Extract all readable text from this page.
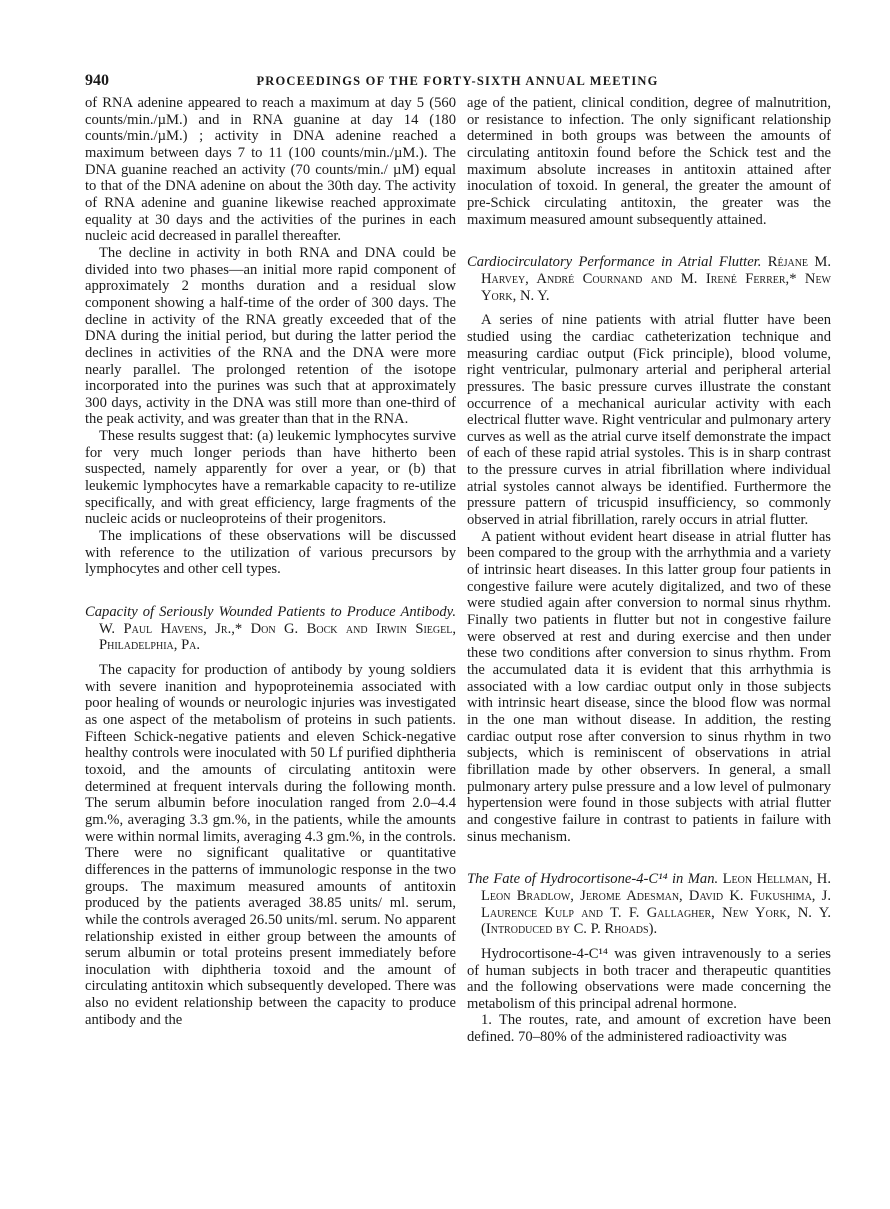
940	PROCEEDINGS OF THE FORTY-SIXTH ANNUAL MEETING

of RNA adenine appeared to reach a maximum at day 5 (560 counts/min./µM.) and in RNA guanine at day 14 (180 counts/min./µM.) ; activity in DNA adenine reached a maximum between days 7 to 11 (100 counts/min./µM.). The DNA guanine reached an activity (70 counts/min./ µM) equal to that of the DNA adenine on about the 30th day. The activity of RNA adenine and guanine likewise reached approximate equality at 30 days and the activities of the purines in each nucleic acid decreased in parallel thereafter.

The decline in activity in both RNA and DNA could be divided into two phases—an initial more rapid component of approximately 2 months duration and a residual slow component showing a half-time of the order of 300 days. The decline in activity of the RNA greatly exceeded that of the DNA during the initial period, but during the latter period the declines in activities of the RNA and the DNA were more nearly parallel. The prolonged retention of the isotope incorporated into the purines was such that at approximately 300 days, activity in the DNA was still more than one-third of the peak activity, and was greater than that in the RNA.

These results suggest that: (a) leukemic lymphocytes survive for very much longer periods than have hitherto been suspected, namely apparently for over a year, or (b) that leukemic lymphocytes have a remarkable capacity to re-utilize specifically, and with great efficiency, large fragments of the nucleic acids or nucleoproteins of their progenitors.

The implications of these observations will be discussed with reference to the utilization of various precursors by lymphocytes and other cell types.

Capacity of Seriously Wounded Patients to Produce Antibody. W. Paul Havens, Jr.,* Don G. Bock and Irwin Siegel, Philadelphia, Pa.

The capacity for production of antibody by young soldiers with severe inanition and hypoproteinemia associated with poor healing of wounds or neurologic injuries was investigated as one aspect of the metabolism of proteins in such patients. Fifteen Schick-negative patients and eleven Schick-negative healthy controls were inoculated with 50 Lf purified diphtheria toxoid, and the amounts of circulating antitoxin were determined at frequent intervals during the following month. The serum albumin before inoculation ranged from 2.0–4.4 gm.%, averaging 3.3 gm.%, in the patients, while the amounts were within normal limits, averaging 4.3 gm.%, in the controls. There were no significant qualitative or quantitative differences in the patterns of immunologic response in the two groups. The maximum measured amounts of antitoxin produced by the patients averaged 38.85 units/ ml. serum, while the controls averaged 26.50 units/ml. serum. No apparent relationship existed in either group between the amounts of serum albumin or total proteins present immediately before inoculation with diphtheria toxoid and the amount of circulating antitoxin which subsequently developed. There was also no evident relationship between the capacity to produce antibody and the

age of the patient, clinical condition, degree of malnutrition, or resistance to infection. The only significant relationship determined in both groups was between the amounts of circulating antitoxin found before the Schick test and the maximum absolute increases in antitoxin attained after inoculation of toxoid. In general, the greater the amount of pre-Schick circulating antitoxin, the greater was the maximum measured amount subsequently attained.

Cardiocirculatory Performance in Atrial Flutter. Réjane M. Harvey, André Cournand and M. Irené Ferrer,* New York, N. Y.

A series of nine patients with atrial flutter have been studied using the cardiac catheterization technique and measuring cardiac output (Fick principle), blood volume, right ventricular, pulmonary arterial and peripheral arterial pressures. The basic pressure curves illustrate the constant occurrence of a mechanical auricular activity with each electrical flutter wave. Right ventricular and pulmonary artery curves as well as the atrial curve itself demonstrate the impact of each of these rapid atrial systoles. This is in sharp contrast to the pressure curves in atrial fibrillation where individual atrial systoles cannot always be identified. Furthermore the pressure pattern of tricuspid insufficiency, so commonly observed in atrial fibrillation, rarely occurs in atrial flutter.

A patient without evident heart disease in atrial flutter has been compared to the group with the arrhythmia and a variety of intrinsic heart diseases. In this latter group four patients in congestive failure were acutely digitalized, and two of these were studied again after conversion to normal sinus rhythm. Finally two patients in flutter but not in congestive failure were observed at rest and during exercise and then under these two conditions after conversion to sinus rhythm. From the accumulated data it is evident that this arrhythmia is associated with a low cardiac output only in those subjects with intrinsic heart disease, since the blood flow was normal in the one man without disease. In addition, the resting cardiac output rose after conversion to sinus rhythm in two subjects, which is reminiscent of observations in atrial fibrillation made by other observers. In general, a small pulmonary artery pulse pressure and a low level of pulmonary hypertension were found in those subjects with atrial flutter and congestive failure in contrast to patients in failure with sinus mechanism.

The Fate of Hydrocortisone-4-C¹⁴ in Man. Leon Hellman, H. Leon Bradlow, Jerome Adesman, David K. Fukushima, J. Laurence Kulp and T. F. Gallagher, New York, N. Y. (Introduced by C. P. Rhoads).

Hydrocortisone-4-C¹⁴ was given intravenously to a series of human subjects in both tracer and therapeutic quantities and the following observations were made concerning the metabolism of this principal adrenal hormone.

1. The routes, rate, and amount of excretion have been defined. 70–80% of the administered radioactivity was
